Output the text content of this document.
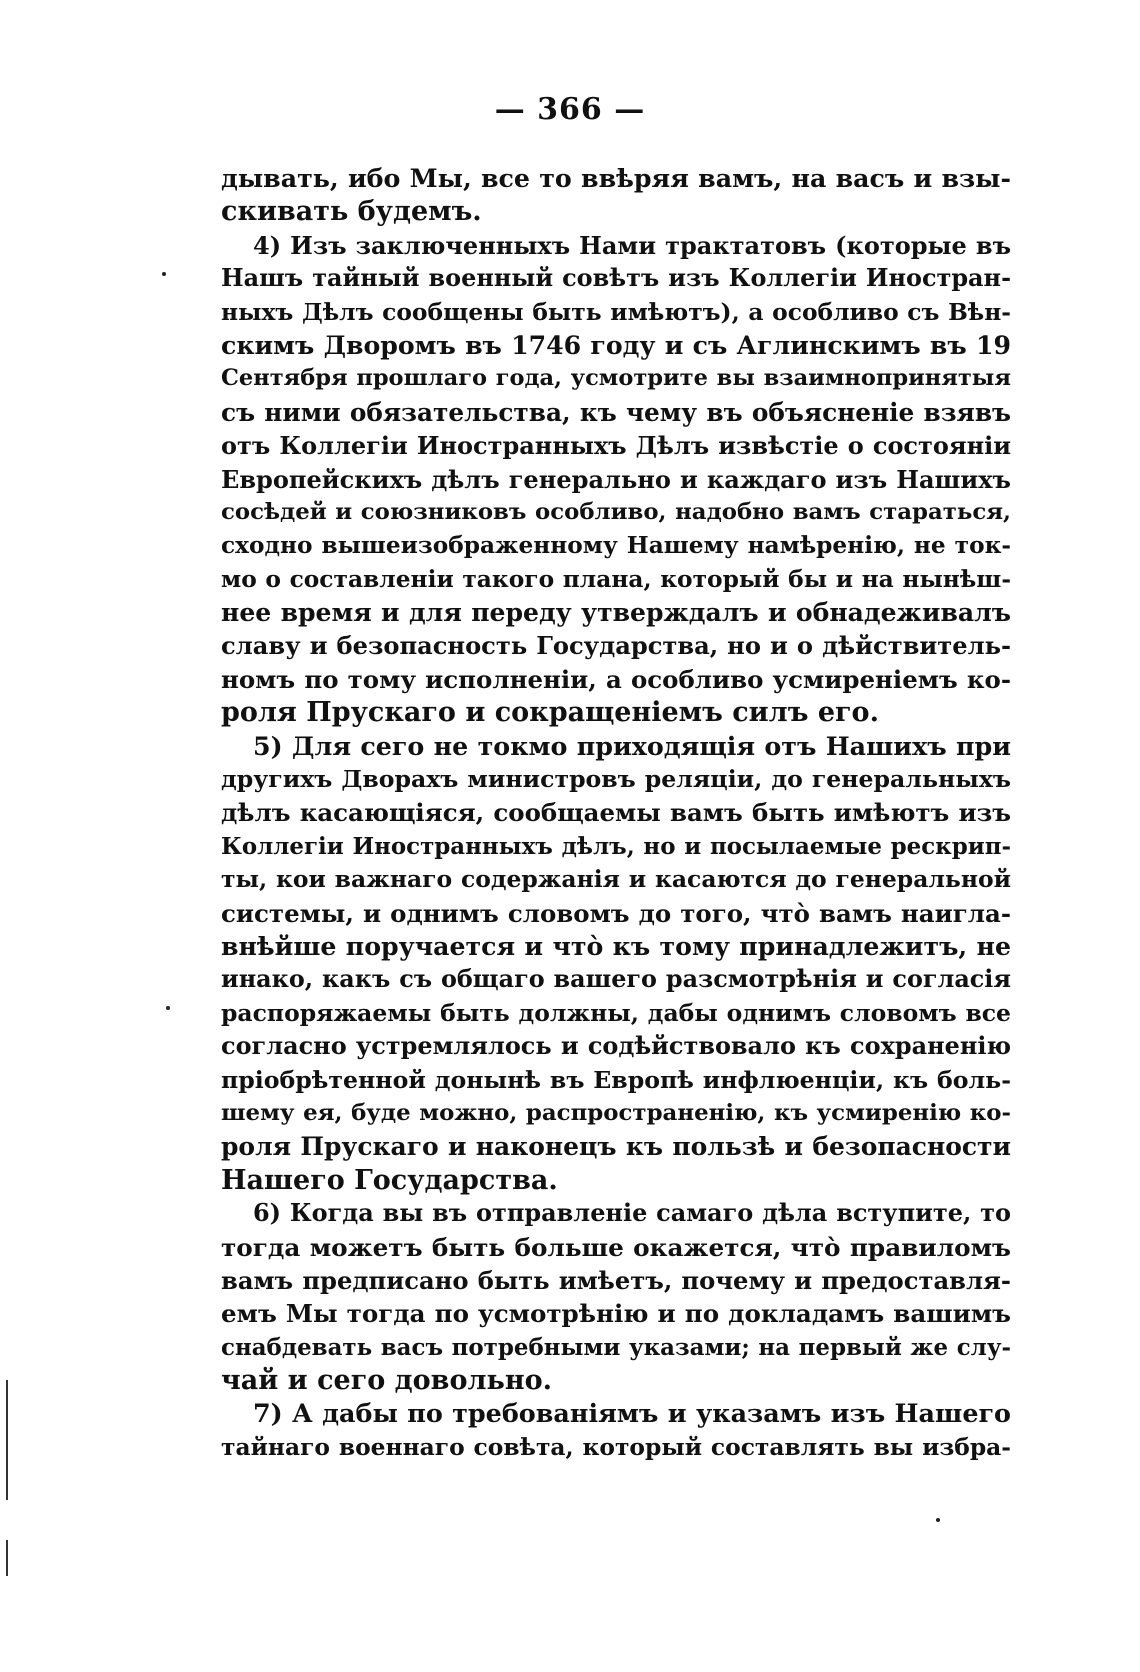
— 366 —
дывать, ибо Мы, все то ввѣряя вамъ, на васъ и взы-
скивать будемъ.
4) Изъ заключенныхъ Нами трактатовъ (которые въ
Нашъ тайный военный совѣтъ изъ Коллегіи Иностран-
ныхъ Дѣлъ сообщены быть имѣютъ), а особливо съ Вѣн-
скимъ Дворомъ въ 1746 году и съ Аглинскимъ въ 19
Сентября прошлаго года, усмотрите вы взаимнопринятыя
съ ними обязательства, къ чему въ объясненіе взявъ
отъ Коллегіи Иностранныхъ Дѣлъ извѣстіе о состояніи
Европейскихъ дѣлъ генерально и каждаго изъ Нашихъ
сосѣдей и союзниковъ особливо, надобно вамъ стараться,
сходно вышеизображенному Нашему намѣренію, не ток-
мо о составленіи такого плана, который бы и на нынѣш-
нее время и для переду утверждалъ и обнадеживалъ
славу и безопасность Государства, но и о дѣйствитель-
номъ по тому исполненіи, а особливо усмиреніемъ ко-
роля Прускаго и сокращеніемъ силъ его.
5) Для сего не токмо приходящія отъ Нашихъ при
другихъ Дворахъ министровъ реляціи, до генеральныхъ
дѣлъ касающіяся, сообщаемы вамъ быть имѣютъ изъ
Коллегіи Иностранныхъ дѣлъ, но и посылаемые рескрип-
ты, кои важнаго содержанія и касаются до генеральной
системы, и однимъ словомъ до того, что̀ вамъ наигла-
внѣйше поручается и что̀ къ тому принадлежитъ, не
инако, какъ съ общаго вашего разсмотрѣнія и согласія
распоряжаемы быть должны, дабы однимъ словомъ все
согласно устремлялось и содѣйствовало къ сохраненію
пріобрѣтенной донынѣ въ Европѣ инфлюенціи, къ боль-
шему ея, буде можно, распространенію, къ усмиренію ко-
роля Прускаго и наконецъ къ пользѣ и безопасности
Нашего Государства.
6) Когда вы въ отправленіе самаго дѣла вступите, то
тогда можетъ быть больше окажется, что̀ правиломъ
вамъ предписано быть имѣетъ, почему и предоставля-
емъ Мы тогда по усмотрѣнію и по докладамъ вашимъ
снабдевать васъ потребными указами; на первый же слу-
чай и сего довольно.
7) А дабы по требованіямъ и указамъ изъ Нашего
тайнаго военнаго совѣта, который составлять вы избра-
